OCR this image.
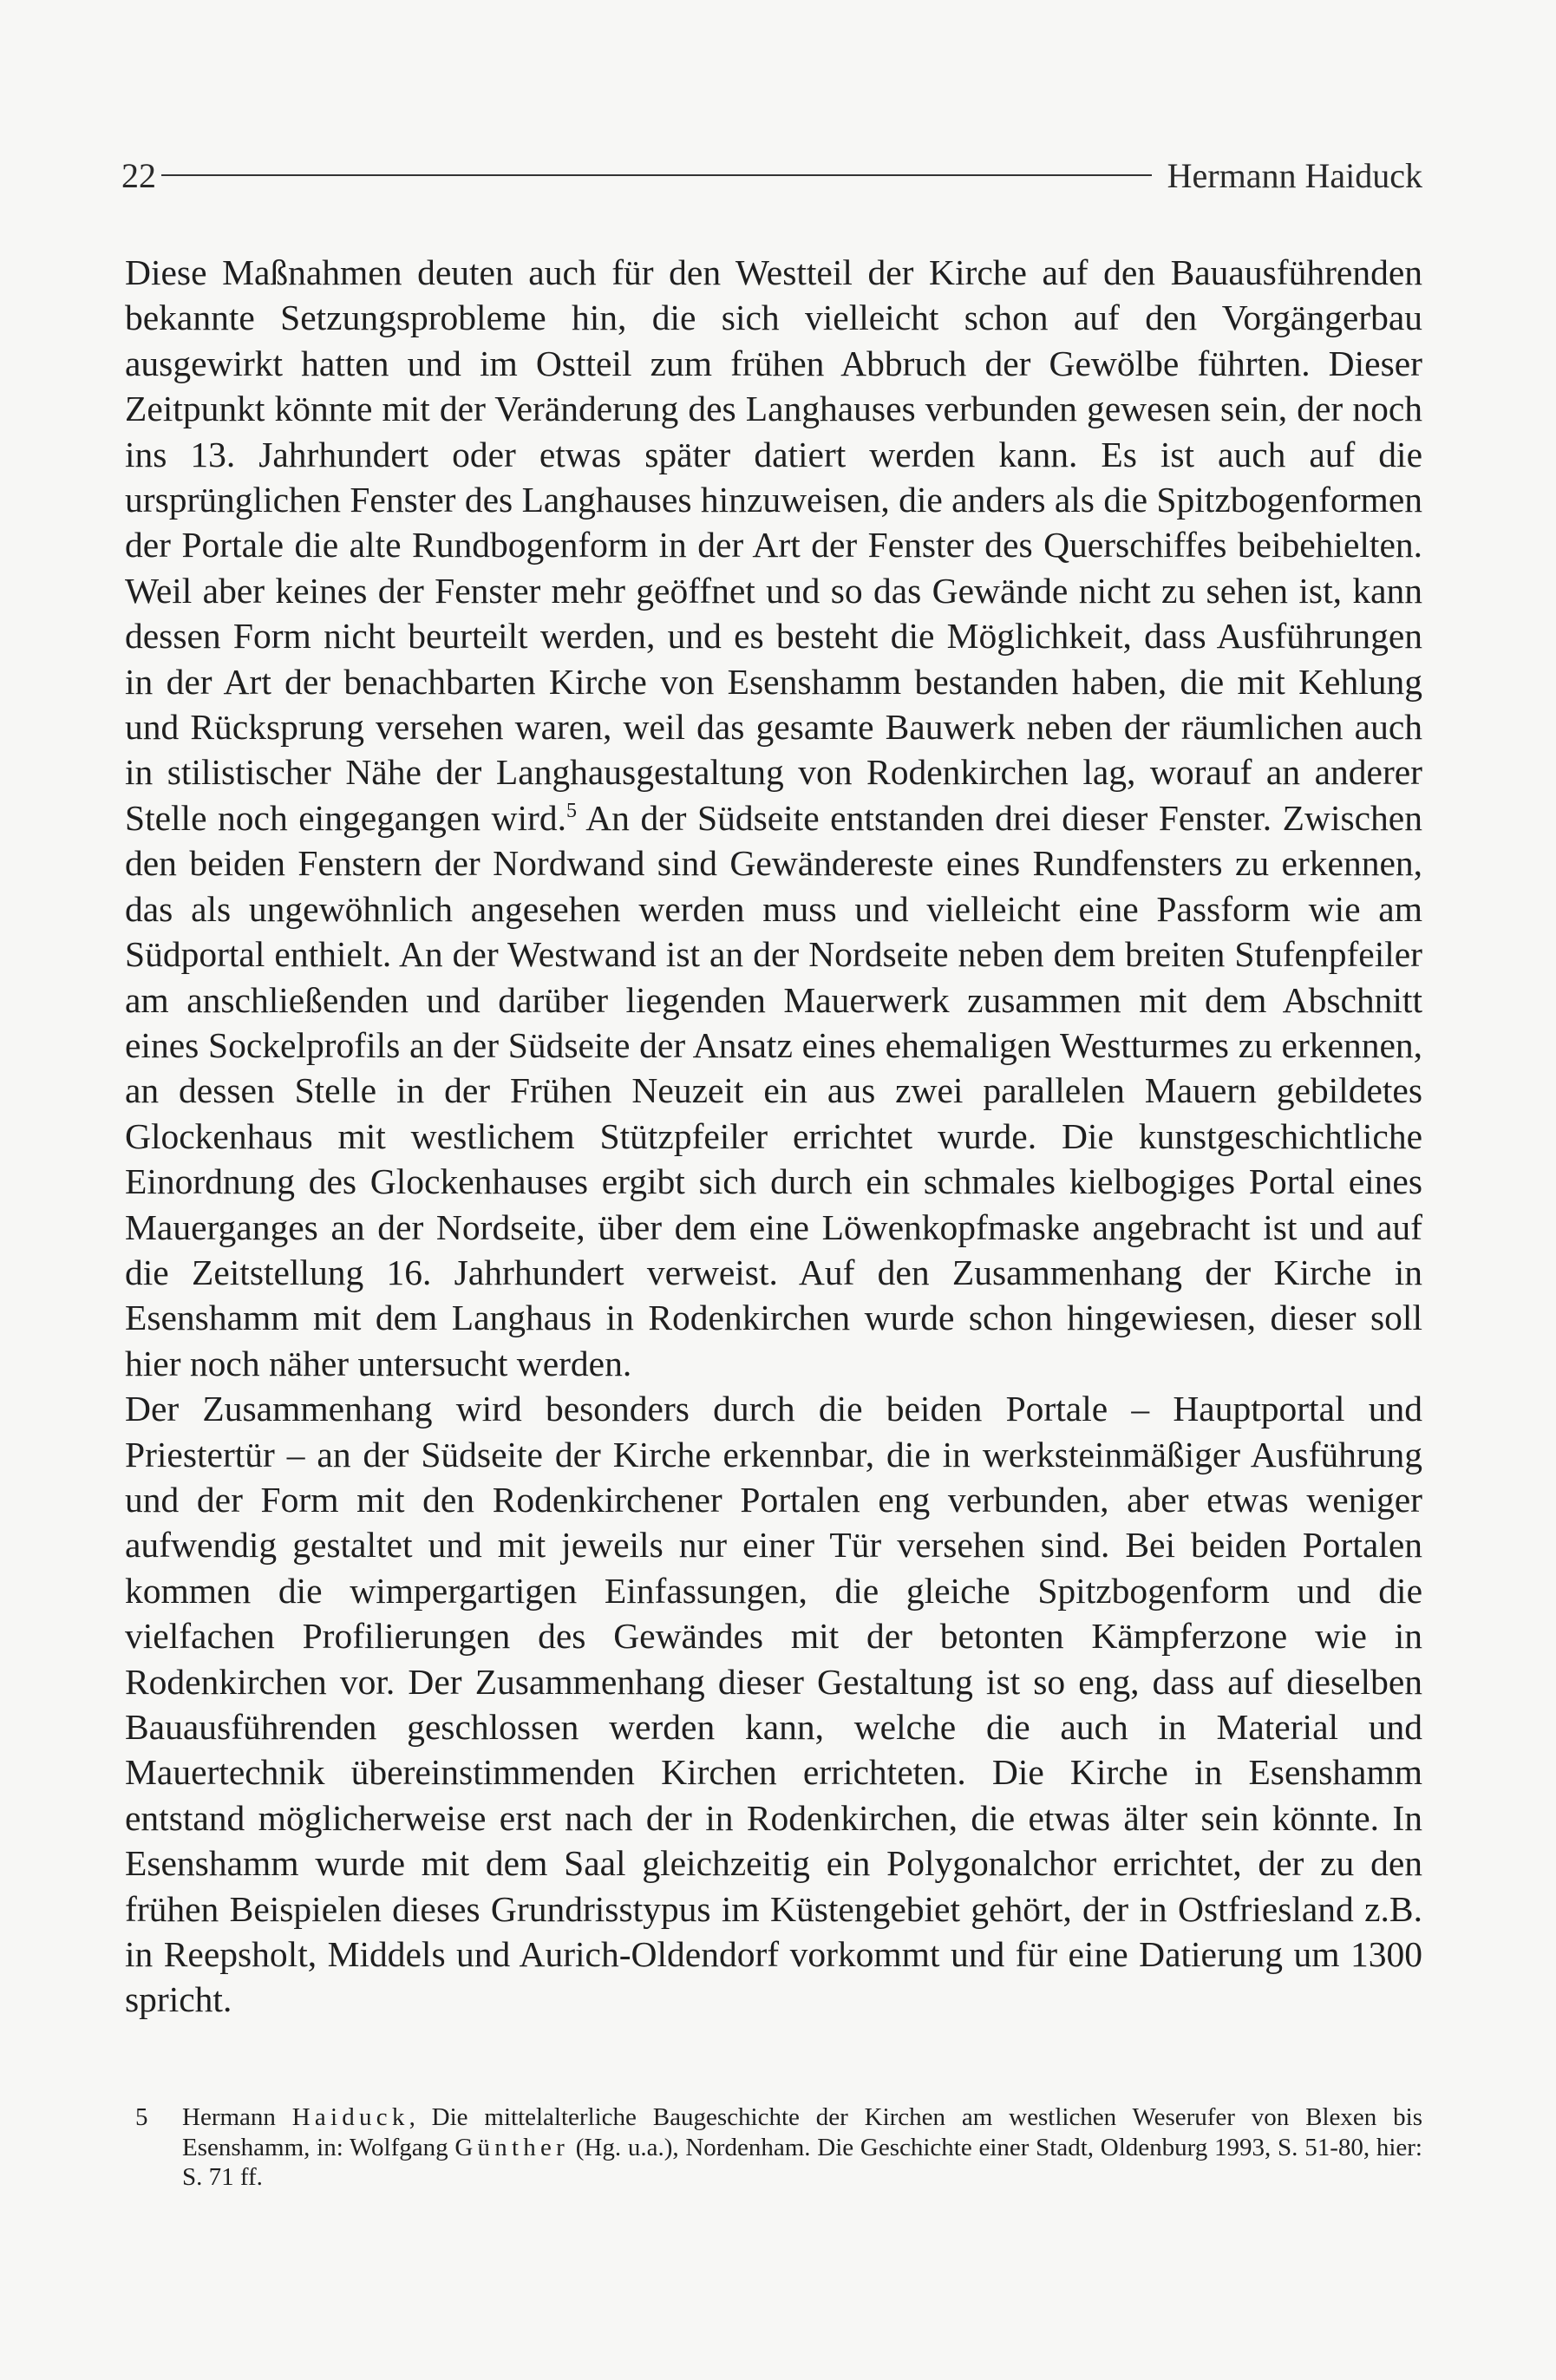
22	Hermann Haiduck

Diese Maßnahmen deuten auch für den Westteil der Kirche auf den Bauausführenden bekannte Setzungsprobleme hin, die sich vielleicht schon auf den Vorgängerbau ausgewirkt hatten und im Ostteil zum frühen Abbruch der Gewölbe führten. Dieser Zeitpunkt könnte mit der Veränderung des Langhauses verbunden gewesen sein, der noch ins 13. Jahrhundert oder etwas später datiert werden kann. Es ist auch auf die ursprünglichen Fenster des Langhauses hinzuweisen, die anders als die Spitzbogenformen der Portale die alte Rundbogenform in der Art der Fenster des Querschiffes beibehielten. Weil aber keines der Fenster mehr geöffnet und so das Gewände nicht zu sehen ist, kann dessen Form nicht beurteilt werden, und es besteht die Möglichkeit, dass Ausführungen in der Art der benachbarten Kirche von Esenshamm bestanden haben, die mit Kehlung und Rücksprung versehen waren, weil das gesamte Bauwerk neben der räumlichen auch in stilistischer Nähe der Langhausgestaltung von Rodenkirchen lag, worauf an anderer Stelle noch eingegangen wird.$^5$ An der Südseite entstanden drei dieser Fenster. Zwischen den beiden Fenstern der Nordwand sind Gewändereste eines Rundfensters zu erkennen, das als ungewöhnlich angesehen werden muss und vielleicht eine Passform wie am Südportal enthielt. An der Westwand ist an der Nordseite neben dem breiten Stufenpfeiler am anschließenden und darüber liegenden Mauerwerk zusammen mit dem Abschnitt eines Sockelprofils an der Südseite der Ansatz eines ehemaligen Westturmes zu erkennen, an dessen Stelle in der Frühen Neuzeit ein aus zwei parallelen Mauern gebildetes Glockenhaus mit westlichem Stützpfeiler errichtet wurde. Die kunstgeschichtliche Einordnung des Glockenhauses ergibt sich durch ein schmales kielbogiges Portal eines Mauerganges an der Nordseite, über dem eine Löwenkopfmaske angebracht ist und auf die Zeitstellung 16. Jahrhundert verweist. Auf den Zusammenhang der Kirche in Esenshamm mit dem Langhaus in Rodenkirchen wurde schon hingewiesen, dieser soll hier noch näher untersucht werden.

Der Zusammenhang wird besonders durch die beiden Portale – Hauptportal und Priestertür – an der Südseite der Kirche erkennbar, die in werksteinmäßiger Ausführung und der Form mit den Rodenkirchener Portalen eng verbunden, aber etwas weniger aufwendig gestaltet und mit jeweils nur einer Tür versehen sind. Bei beiden Portalen kommen die wimpergartigen Einfassungen, die gleiche Spitzbogenform und die vielfachen Profilierungen des Gewändes mit der betonten Kämpferzone wie in Rodenkirchen vor. Der Zusammenhang dieser Gestaltung ist so eng, dass auf dieselben Bauausführenden geschlossen werden kann, welche die auch in Material und Mauertechnik übereinstimmenden Kirchen errichteten. Die Kirche in Esenshamm entstand möglicherweise erst nach der in Rodenkirchen, die etwas älter sein könnte. In Esenshamm wurde mit dem Saal gleichzeitig ein Polygonalchor errichtet, der zu den frühen Beispielen dieses Grundrisstypus im Küstengebiet gehört, der in Ostfriesland z.B. in Reepsholt, Middels und Aurich-Oldendorf vorkommt und für eine Datierung um 1300 spricht.

5	Hermann Haiduck, Die mittelalterliche Baugeschichte der Kirchen am westlichen Weserufer von Blexen bis Esenshamm, in: Wolfgang Günther (Hg. u.a.), Nordenham. Die Geschichte einer Stadt, Oldenburg 1993, S. 51-80, hier: S. 71 ff.
